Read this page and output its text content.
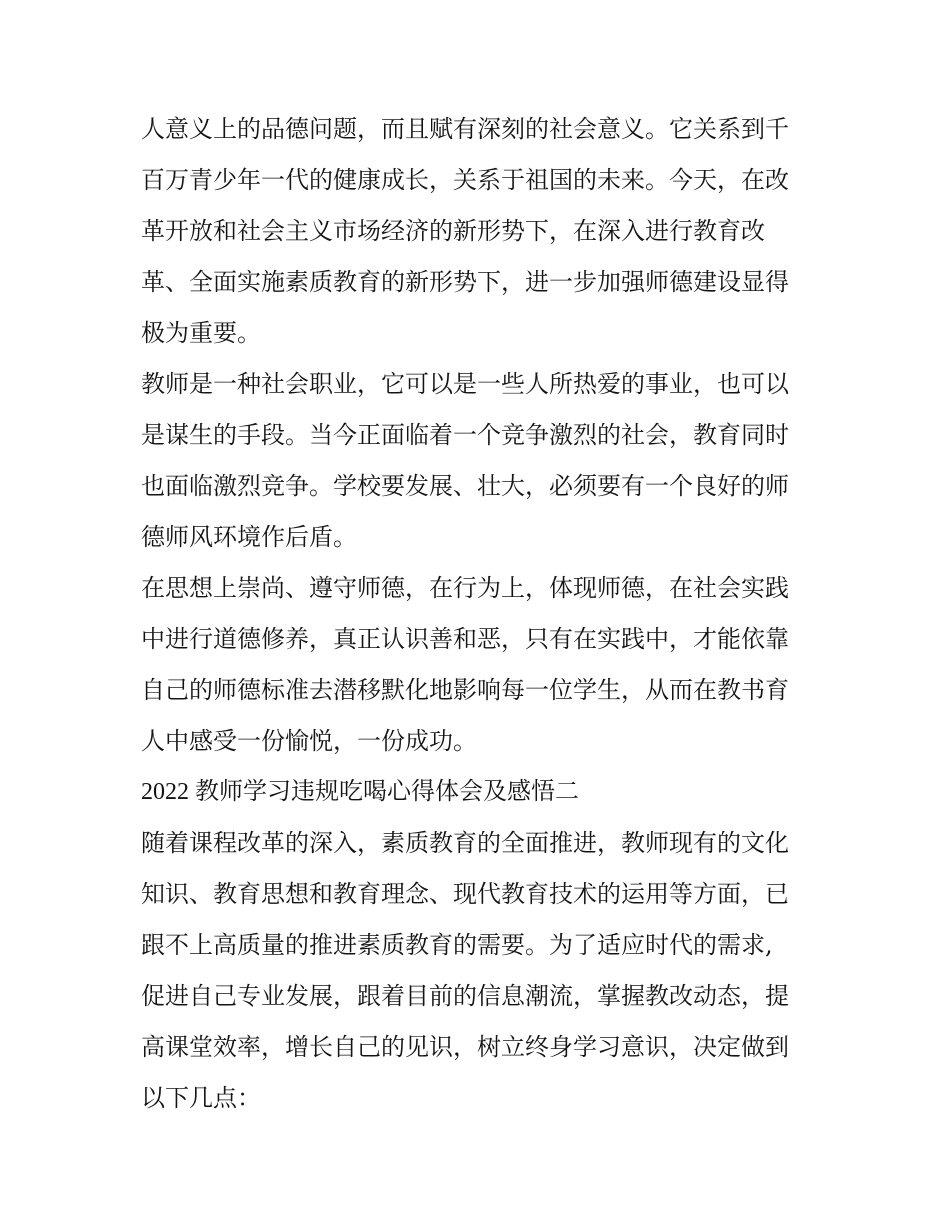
人意义上的品德问题，而且赋有深刻的社会意义。它关系到千
百万青少年一代的健康成长，关系于祖国的未来。今天，在改
革开放和社会主义市场经济的新形势下，在深入进行教育改
革、全面实施素质教育的新形势下，进一步加强师德建设显得
极为重要。
教师是一种社会职业，它可以是一些人所热爱的事业，也可以
是谋生的手段。当今正面临着一个竞争激烈的社会，教育同时
也面临激烈竞争。学校要发展、壮大，必须要有一个良好的师
德师风环境作后盾。
在思想上崇尚、遵守师德，在行为上，体现师德，在社会实践
中进行道德修养，真正认识善和恶，只有在实践中，才能依靠
自己的师德标准去潜移默化地影响每一位学生，从而在教书育
人中感受一份愉悦，一份成功。
2022 教师学习违规吃喝心得体会及感悟二
随着课程改革的深入，素质教育的全面推进，教师现有的文化
知识、教育思想和教育理念、现代教育技术的运用等方面，已
跟不上高质量的推进素质教育的需要。为了适应时代的需求,
促进自己专业发展，跟着目前的信息潮流，掌握教改动态，提
高课堂效率，增长自己的见识，树立终身学习意识，决定做到
以下几点：
